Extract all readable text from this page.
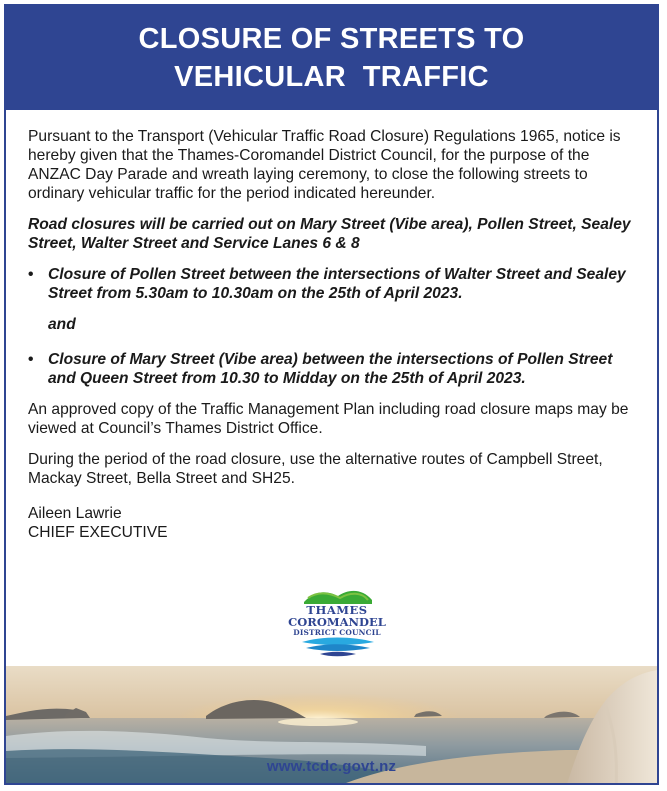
CLOSURE OF STREETS TO
VEHICULAR  TRAFFIC

Pursuant to the Transport (Vehicular Traffic Road Closure) Regulations 1965, notice is hereby given that the Thames-Coromandel District Council, for the purpose of the ANZAC Day Parade and wreath laying ceremony, to close the following streets to ordinary vehicular traffic for the period indicated hereunder.

Road closures will be carried out on Mary Street (Vibe area), Pollen Street, Sealey Street, Walter Street and Service Lanes 6 & 8

• Closure of Pollen Street between the intersections of Walter Street and Sealey Street from 5.30am to 10.30am on the 25th of April 2023.
and
• Closure of Mary Street (Vibe area) between the intersections of Pollen Street and Queen Street from 10.30 to Midday on the 25th of April 2023.

An approved copy of the Traffic Management Plan including road closure maps may be viewed at Council’s Thames District Office.

During the period of the road closure, use the alternative routes of Campbell Street, Mackay Street, Bella Street and SH25.

Aileen Lawrie
CHIEF EXECUTIVE
THAMES
COROMANDEL
DISTRICT COUNCIL
www.tcdc.govt.nz
